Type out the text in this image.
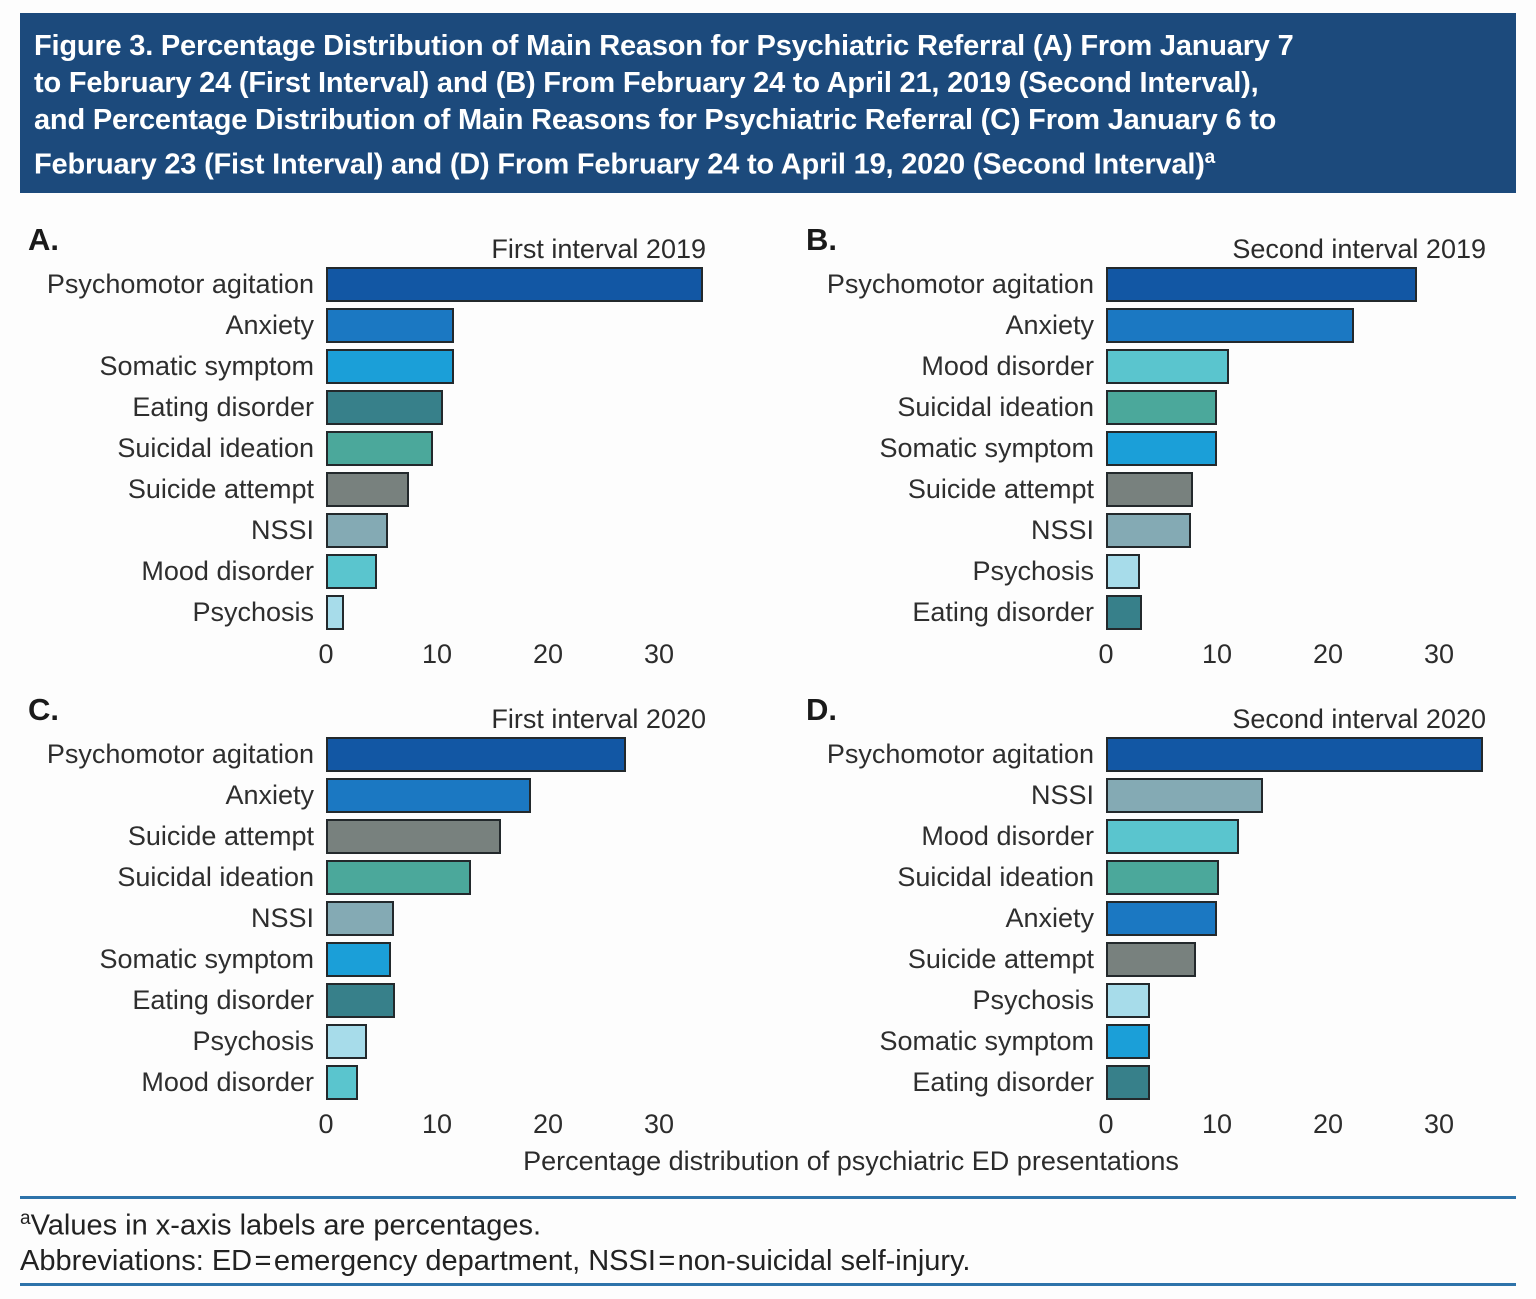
Figure 3. Percentage Distribution of Main Reason for Psychiatric Referral (A) From January 7
to February 24 (First Interval) and (B) From February 24 to April 21, 2019 (Second Interval),
and Percentage Distribution of Main Reasons for Psychiatric Referral (C) From January 6 to
February 23 (Fist Interval) and (D) From February 24 to April 19, 2020 (Second Interval)$^a$
A.	First interval 2019
Psychomotor agitation
Anxiety
Somatic symptom
Eating disorder
Suicidal ideation
Suicide attempt
NSSI
Mood disorder
Psychosis
0	10	20	30
B.	Second interval 2019
Psychomotor agitation
Anxiety
Mood disorder
Suicidal ideation
Somatic symptom
Suicide attempt
NSSI
Psychosis
Eating disorder
0	10	20	30
C.	First interval 2020
Psychomotor agitation
Anxiety
Suicide attempt
Suicidal ideation
NSSI
Somatic symptom
Eating disorder
Psychosis
Mood disorder
0	10	20	30
D.	Second interval 2020
Psychomotor agitation
NSSI
Mood disorder
Suicidal ideation
Anxiety
Suicide attempt
Psychosis
Somatic symptom
Eating disorder
0	10	20	30
Percentage distribution of psychiatric ED presentations
$^a$Values in x-axis labels are percentages.
Abbreviations: ED = emergency department, NSSI = non-suicidal self-injury.
